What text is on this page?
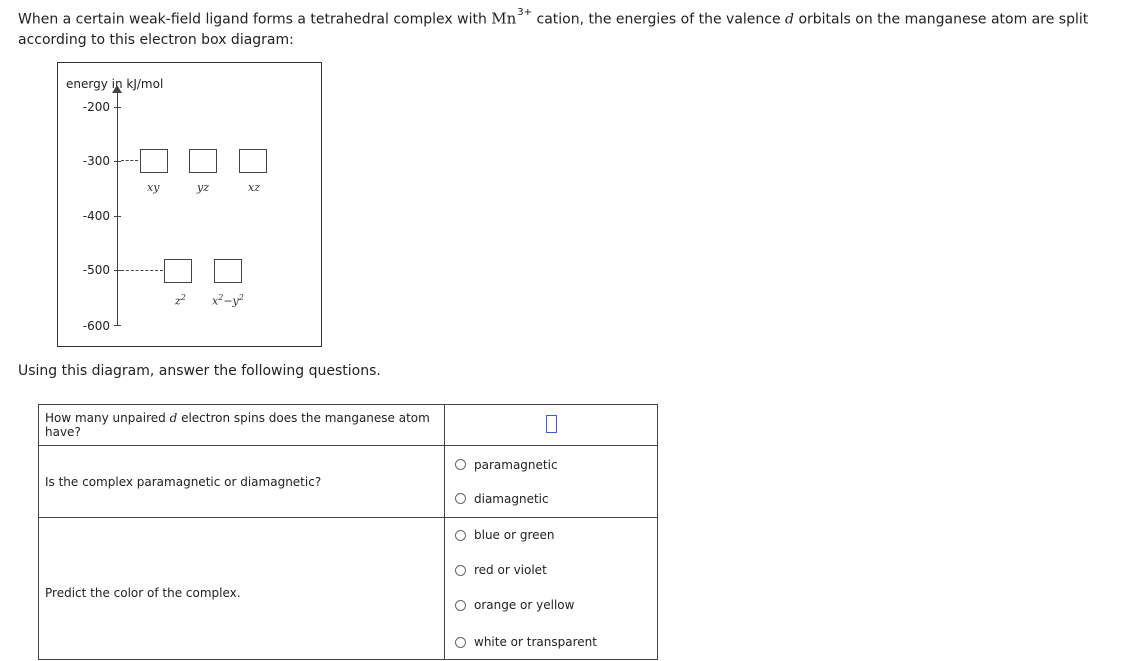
When a certain weak-field ligand forms a tetrahedral complex with $Mn^{3+}$ cation, the energies of the valence d orbitals on the manganese atom are split according to this electron box diagram:
energy in kJ/mol
-200
-300
-400
-500
-600
xy	yz	xz
$z^2$ $x^2-y^2$
Using this diagram, answer the following questions.
How many unpaired d electron spins does the manganese atom have?	
Is the complex paramagnetic or diamagnetic?	paramagnetic
diamagnetic

Predict the color of the complex.	blue or green
red or violet
orange or yellow
white or transparent
